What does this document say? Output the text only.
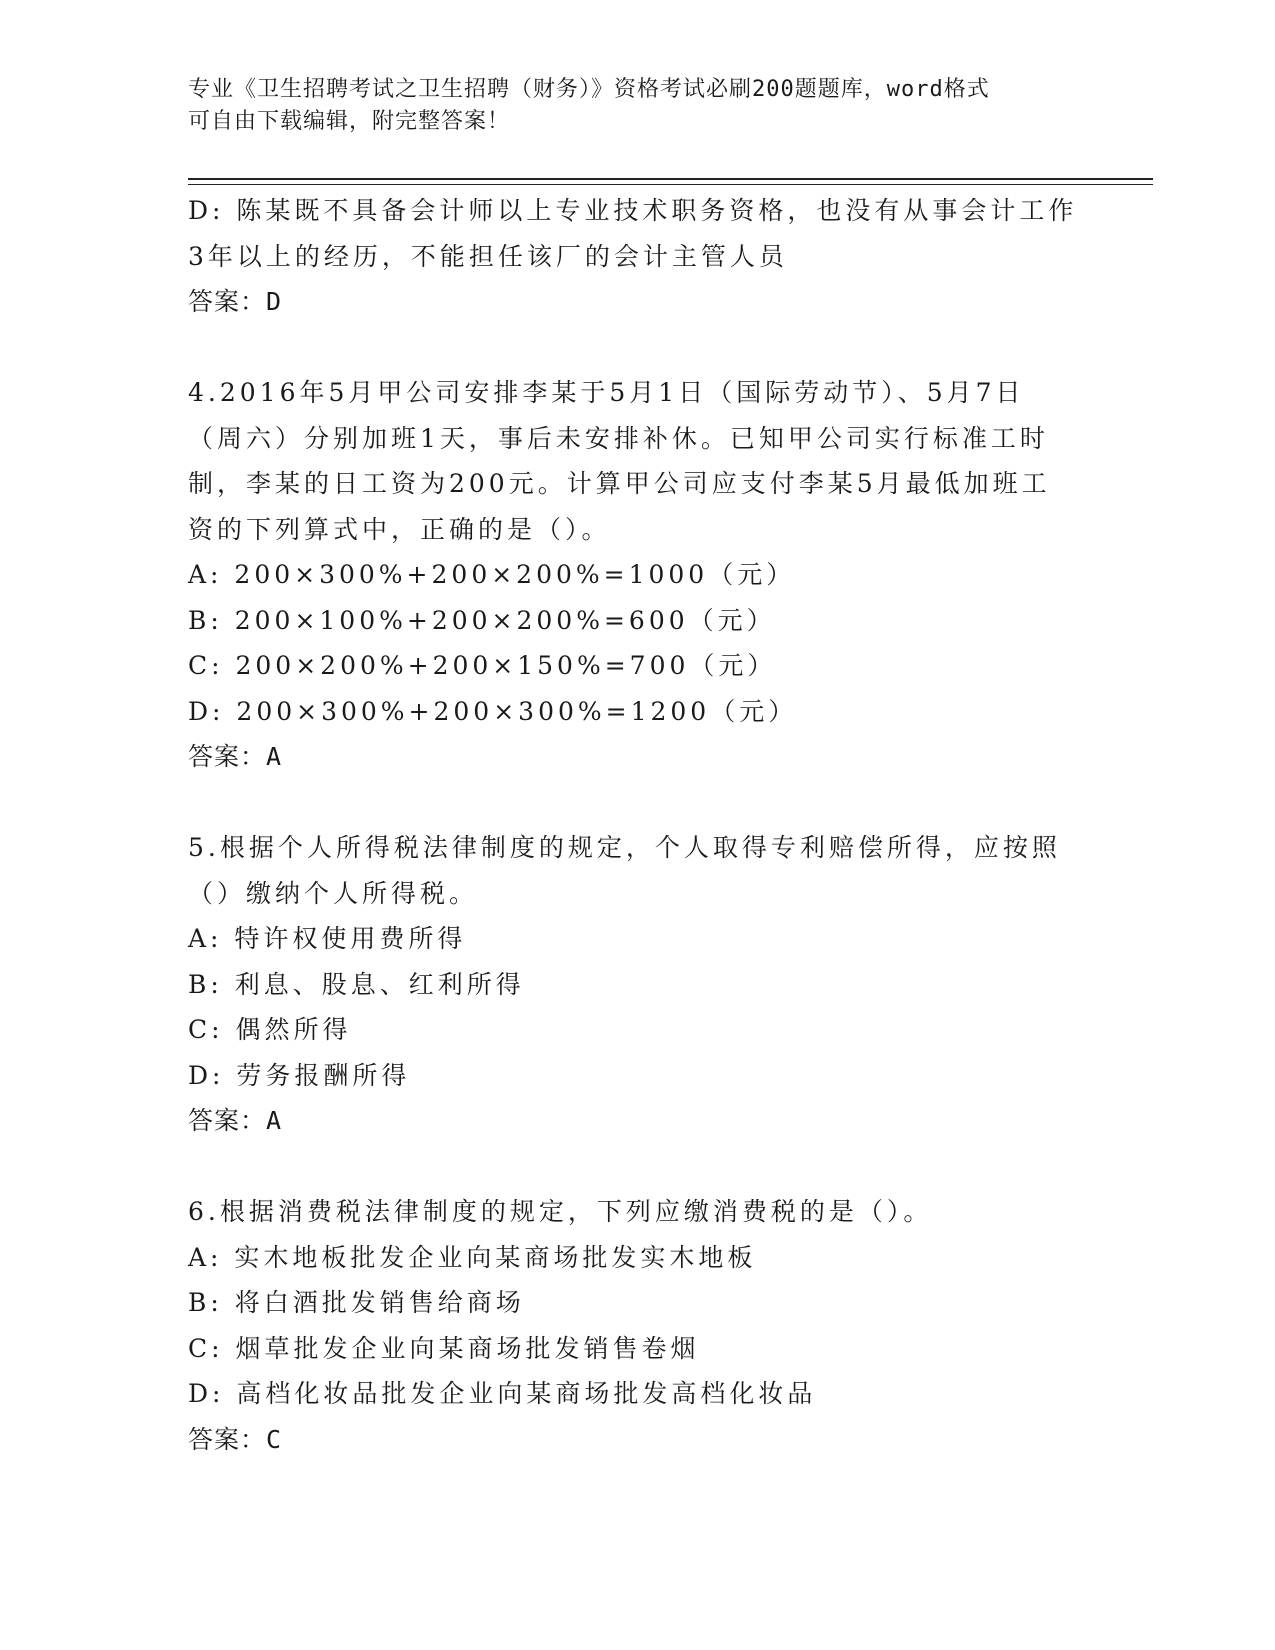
专业《卫生招聘考试之卫生招聘（财务）》资格考试必刷200题题库，word格式
可自由下载编辑，附完整答案！
D: 陈某既不具备会计师以上专业技术职务资格，也没有从事会计工作
3年以上的经历，不能担任该厂的会计主管人员
答案：D
4.2016年5月甲公司安排李某于5月1日（国际劳动节）、5月7日
（周六）分别加班1天，事后未安排补休。已知甲公司实行标准工时
制，李某的日工资为200元。计算甲公司应支付李某5月最低加班工
资的下列算式中，正确的是（）。
A: 200×300%+200×200%=1000（元）
B: 200×100%+200×200%=600（元）
C: 200×200%+200×150%=700（元）
D: 200×300%+200×300%=1200（元）
答案：A
5.根据个人所得税法律制度的规定，个人取得专利赔偿所得，应按照
（）缴纳个人所得税。
A: 特许权使用费所得
B: 利息、股息、红利所得
C: 偶然所得
D: 劳务报酬所得
答案：A
6.根据消费税法律制度的规定，下列应缴消费税的是（）。
A: 实木地板批发企业向某商场批发实木地板
B: 将白酒批发销售给商场
C: 烟草批发企业向某商场批发销售卷烟
D: 高档化妆品批发企业向某商场批发高档化妆品
答案：C
